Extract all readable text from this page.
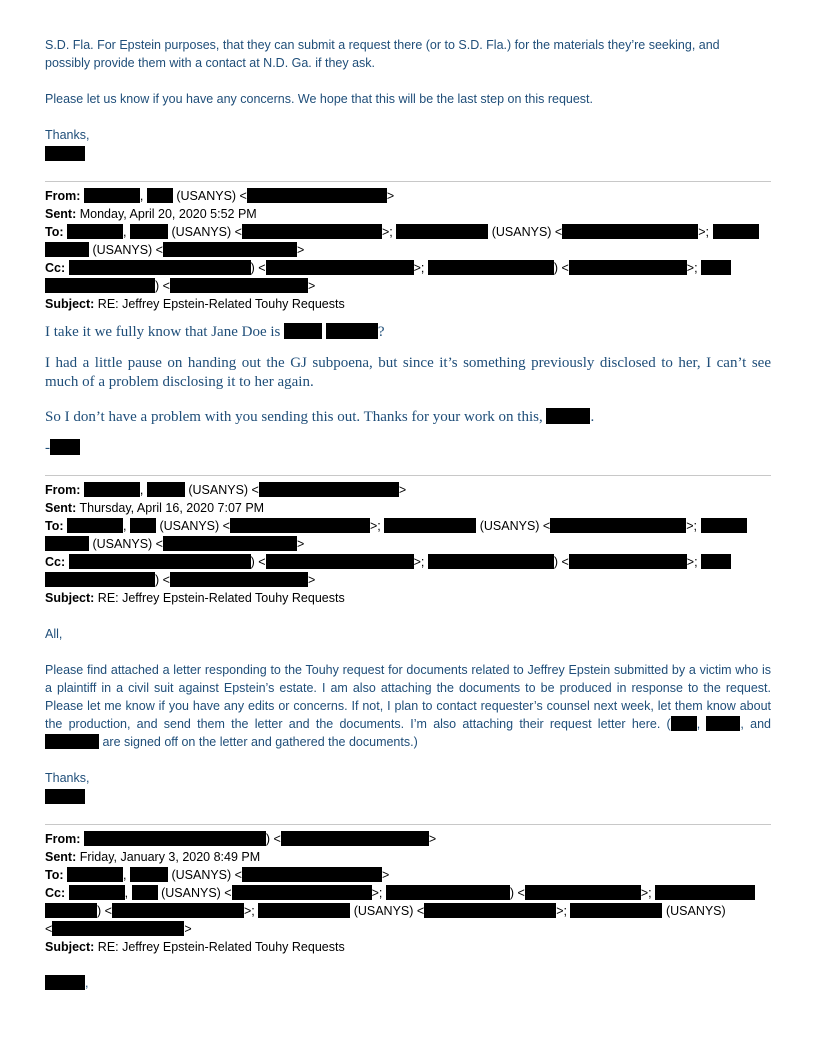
S.D. Fla. For Epstein purposes, that they can submit a request there (or to S.D. Fla.) for the materials they’re seeking, and

possibly provide them with a contact at N.D. Ga. if they ask.

Please let us know if you have any concerns. We hope that this will be the last step on this request.

Thanks,

From:	,	(USANYS) <	>

Sent: Monday, April 20, 2020 5:52 PM

To:	,	(USANYS) <	>;	(USANYS) <	>;

(USANYS) <	>

Cc:	) <	>;	) <	>;

) <	>

Subject: RE: Jeffrey Epstein-Related Touhy Requests

I take it we fully know that Jane Doe is	?

I had a little pause on handing out the GJ subpoena, but since it’s something previously disclosed to her, I can’t see much of a problem disclosing it to her again.

So I don’t have a problem with you sending this out. Thanks for your work on this,	.

-

From:	,	(USANYS) <	>

Sent: Thursday, April 16, 2020 7:07 PM

To:	,	(USANYS) <	>;	(USANYS) <	>;

(USANYS) <	>

Cc:	) <	>;	) <	>;

) <	>

Subject: RE: Jeffrey Epstein-Related Touhy Requests

All,

Please find attached a letter responding to the Touhy request for documents related to Jeffrey Epstein submitted by a victim who is a plaintiff in a civil suit against Epstein’s estate. I am also attaching the documents to be produced in response to the request. Please let me know if you have any edits or concerns. If not, I plan to contact requester’s counsel next week, let them know about the production, and send them the letter and the documents. I’m also attaching their request letter here. ( ,	, and  are signed off on the letter and gathered the documents.)

Thanks,

From:	) <	>

Sent: Friday, January 3, 2020 8:49 PM

To:	,	(USANYS) <	>

Cc:	,	(USANYS) <	>;	) <	>;

) <	>;	(USANYS) <	>;	(USANYS)

<	>

Subject: RE: Jeffrey Epstein-Related Touhy Requests

,
